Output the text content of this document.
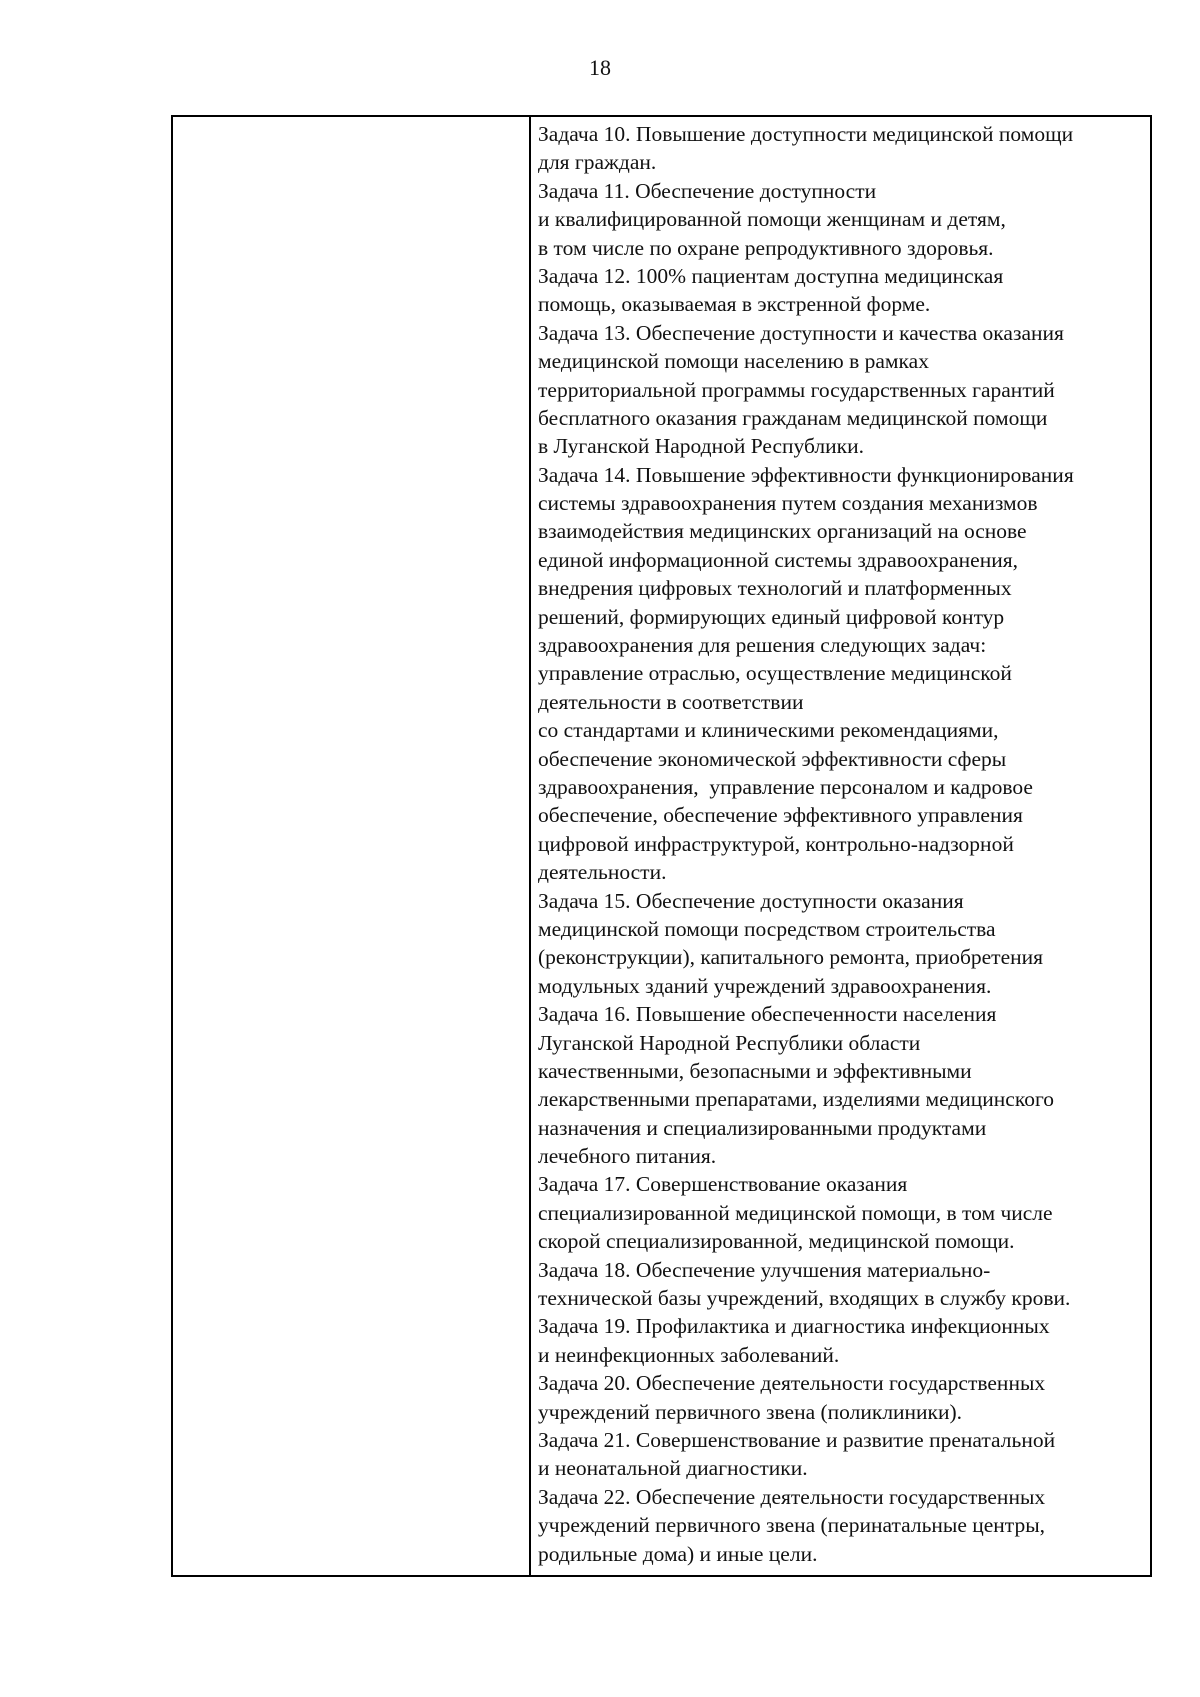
18
Задача 10. Повышение доступности медицинской помощи
для граждан.
Задача 11. Обеспечение доступности
и квалифицированной помощи женщинам и детям,
в том числе по охране репродуктивного здоровья.
Задача 12. 100% пациентам доступна медицинская
помощь, оказываемая в экстренной форме.
Задача 13. Обеспечение доступности и качества оказания
медицинской помощи населению в рамках
территориальной программы государственных гарантий
бесплатного оказания гражданам медицинской помощи
в Луганской Народной Республики.
Задача 14. Повышение эффективности функционирования
системы здравоохранения путем создания механизмов
взаимодействия медицинских организаций на основе
единой информационной системы здравоохранения,
внедрения цифровых технологий и платформенных
решений, формирующих единый цифровой контур
здравоохранения для решения следующих задач:
управление отраслью, осуществление медицинской
деятельности в соответствии
со стандартами и клиническими рекомендациями,
обеспечение экономической эффективности сферы
здравоохранения,  управление персоналом и кадровое
обеспечение, обеспечение эффективного управления
цифровой инфраструктурой, контрольно-надзорной
деятельности.
Задача 15. Обеспечение доступности оказания
медицинской помощи посредством строительства
(реконструкции), капитального ремонта, приобретения
модульных зданий учреждений здравоохранения.
Задача 16. Повышение обеспеченности населения
Луганской Народной Республики области
качественными, безопасными и эффективными
лекарственными препаратами, изделиями медицинского
назначения и специализированными продуктами
лечебного питания.
Задача 17. Совершенствование оказания
специализированной медицинской помощи, в том числе
скорой специализированной, медицинской помощи.
Задача 18. Обеспечение улучшения материально-
технической базы учреждений, входящих в службу крови.
Задача 19. Профилактика и диагностика инфекционных
и неинфекционных заболеваний.
Задача 20. Обеспечение деятельности государственных
учреждений первичного звена (поликлиники).
Задача 21. Совершенствование и развитие пренатальной
и неонатальной диагностики.
Задача 22. Обеспечение деятельности государственных
учреждений первичного звена (перинатальные центры,
родильные дома) и иные цели.
